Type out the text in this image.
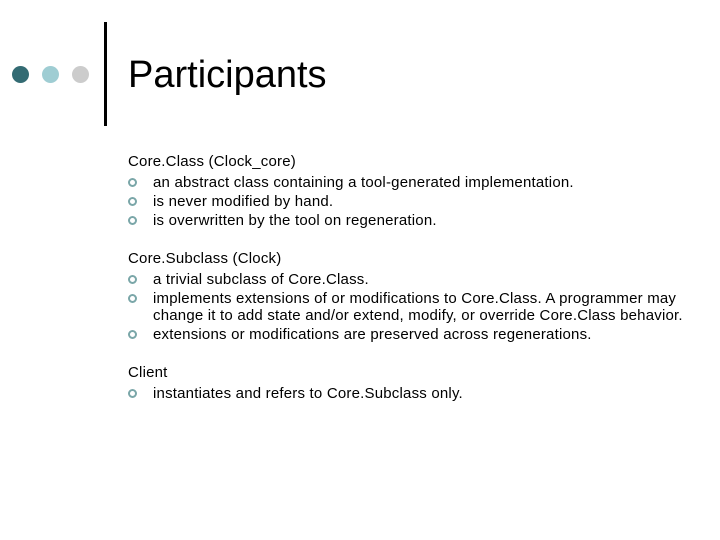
Participants
Core.Class (Clock_core)
an abstract class containing a tool-generated implementation.
is never modified by hand.
is overwritten by the tool on regeneration.
Core.Subclass (Clock)
a trivial subclass of Core.Class.
implements extensions of or modifications to Core.Class. A programmer may change it to add state and/or extend, modify, or override Core.Class behavior.
extensions or modifications are preserved across regenerations.
Client
instantiates and refers to Core.Subclass only.
